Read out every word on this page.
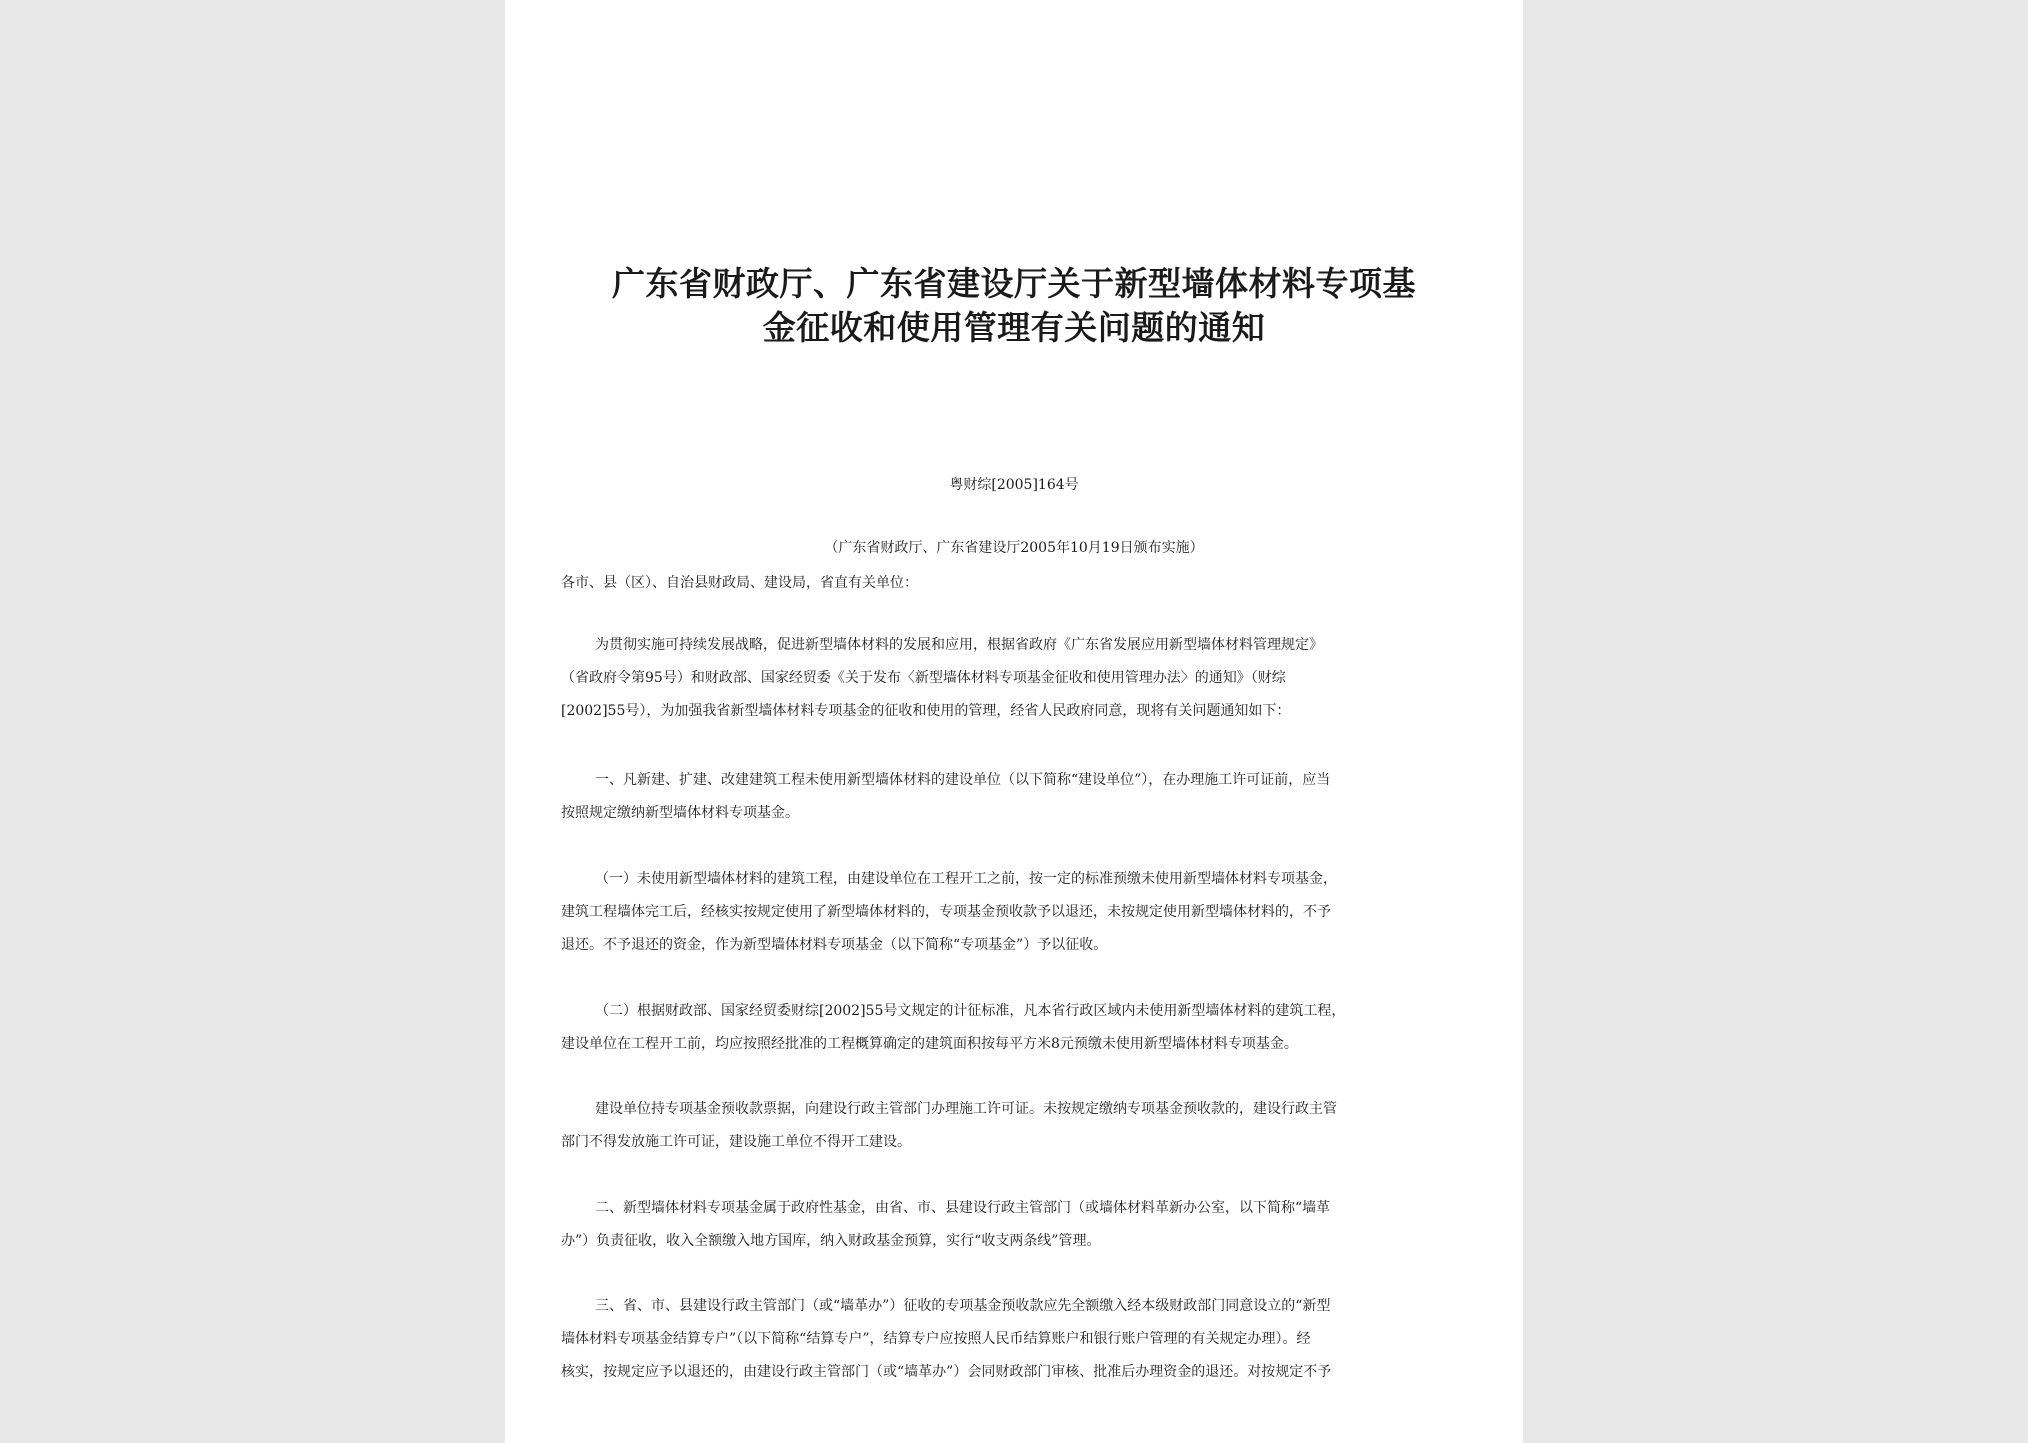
广东省财政厅、广东省建设厅关于新型墙体材料专项基
金征收和使用管理有关问题的通知
粤财综[2005]164号
（广东省财政厅、广东省建设厅2005年10月19日颁布实施）
各市、县（区）、自治县财政局、建设局，省直有关单位：
为贯彻实施可持续发展战略，促进新型墙体材料的发展和应用，根据省政府《广东省发展应用新型墙体材料管理规定》
（省政府令第95号）和财政部、国家经贸委《关于发布〈新型墙体材料专项基金征收和使用管理办法〉的通知》（财综
[2002]55号），为加强我省新型墙体材料专项基金的征收和使用的管理，经省人民政府同意，现将有关问题通知如下：
一、凡新建、扩建、改建建筑工程未使用新型墙体材料的建设单位（以下简称“建设单位”），在办理施工许可证前，应当
按照规定缴纳新型墙体材料专项基金。
（一）未使用新型墙体材料的建筑工程，由建设单位在工程开工之前，按一定的标准预缴未使用新型墙体材料专项基金，
建筑工程墙体完工后，经核实按规定使用了新型墙体材料的，专项基金预收款予以退还，未按规定使用新型墙体材料的，不予
退还。不予退还的资金，作为新型墙体材料专项基金（以下简称“专项基金”）予以征收。
（二）根据财政部、国家经贸委财综[2002]55号文规定的计征标准，凡本省行政区域内未使用新型墙体材料的建筑工程，
建设单位在工程开工前，均应按照经批准的工程概算确定的建筑面积按每平方米8元预缴未使用新型墙体材料专项基金。
建设单位持专项基金预收款票据，向建设行政主管部门办理施工许可证。未按规定缴纳专项基金预收款的，建设行政主管
部门不得发放施工许可证，建设施工单位不得开工建设。
二、新型墙体材料专项基金属于政府性基金，由省、市、县建设行政主管部门（或墙体材料革新办公室，以下简称“墙革
办”）负责征收，收入全额缴入地方国库，纳入财政基金预算，实行“收支两条线”管理。
三、省、市、县建设行政主管部门（或“墙革办”）征收的专项基金预收款应先全额缴入经本级财政部门同意设立的“新型
墙体材料专项基金结算专户”（以下简称“结算专户”，结算专户应按照人民币结算账户和银行账户管理的有关规定办理）。经
核实，按规定应予以退还的，由建设行政主管部门（或“墙革办”）会同财政部门审核、批准后办理资金的退还。对按规定不予
